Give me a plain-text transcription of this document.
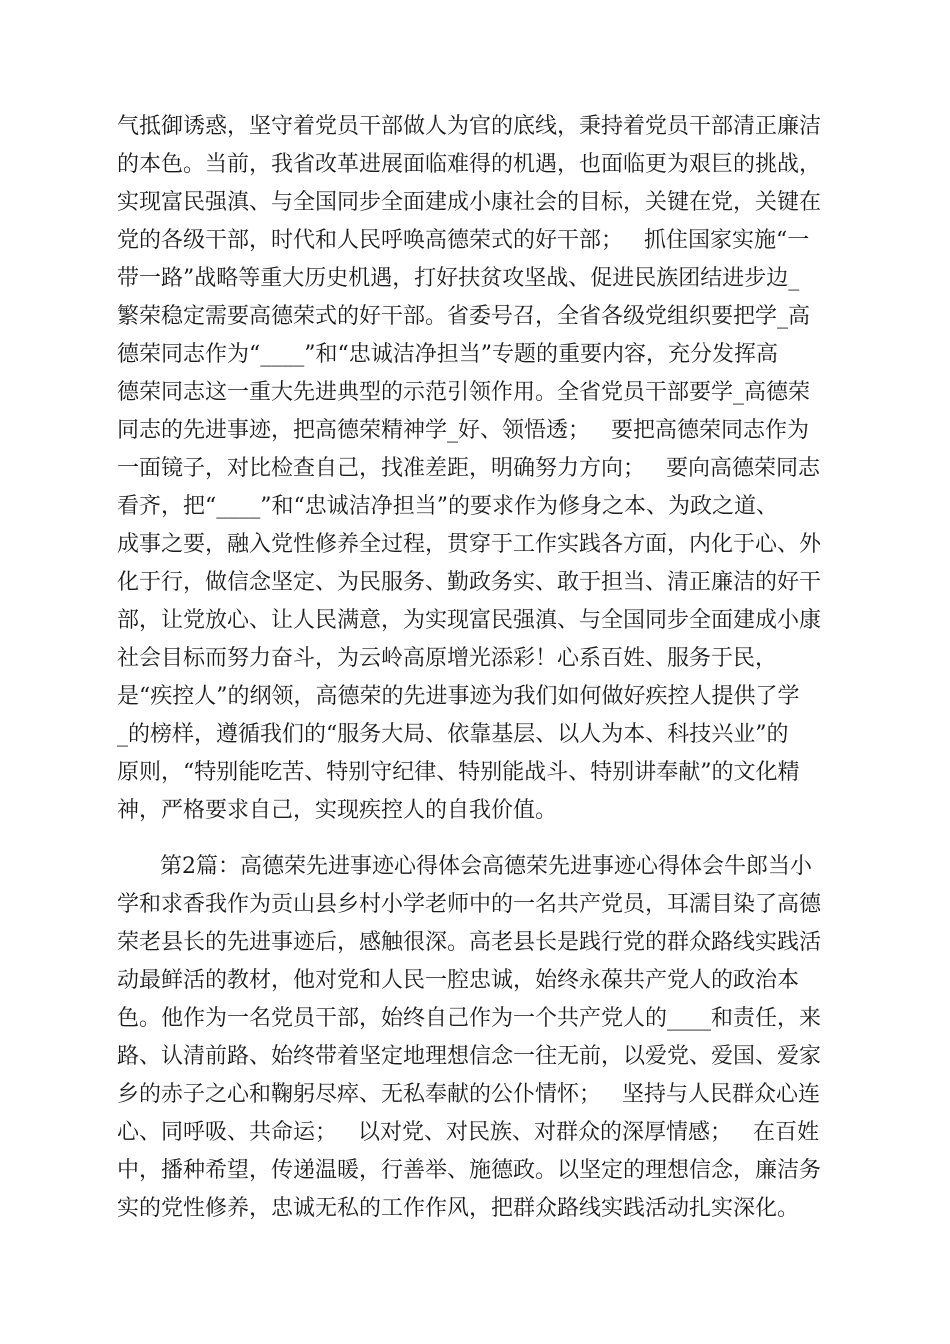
气抵御诱惑，坚守着党员干部做人为官的底线，秉持着党员干部清正廉洁
的本色。当前，我省改革进展面临难得的机遇，也面临更为艰巨的挑战，
实现富民强滇、与全国同步全面建成小康社会的目标，关键在党，关键在
党的各级干部，时代和人民呼唤高德荣式的好干部；   抓住国家实施“一
带一路”战略等重大历史机遇，打好扶贫攻坚战、促进民族团结进步边_
繁荣稳定需要高德荣式的好干部。省委号召，全省各级党组织要把学_高
德荣同志作为“____”和“忠诚洁净担当”专题的重要内容，充分发挥高
德荣同志这一重大先进典型的示范引领作用。全省党员干部要学_高德荣
同志的先进事迹，把高德荣精神学_好、领悟透；   要把高德荣同志作为
一面镜子，对比检查自己，找准差距，明确努力方向；   要向高德荣同志
看齐，把“____”和“忠诚洁净担当”的要求作为修身之本、为政之道、
成事之要，融入党性修养全过程，贯穿于工作实践各方面，内化于心、外
化于行，做信念坚定、为民服务、勤政务实、敢于担当、清正廉洁的好干
部，让党放心、让人民满意，为实现富民强滇、与全国同步全面建成小康
社会目标而努力奋斗，为云岭高原增光添彩！心系百姓、服务于民，
是“疾控人”的纲领，高德荣的先进事迹为我们如何做好疾控人提供了学
_的榜样，遵循我们的“服务大局、依靠基层、以人为本、科技兴业”的
原则，“特别能吃苦、特别守纪律、特别能战斗、特别讲奉献”的文化精
神，严格要求自己，实现疾控人的自我价值。
第2篇：高德荣先进事迹心得体会高德荣先进事迹心得体会牛郎当小
学和求香我作为贡山县乡村小学老师中的一名共产党员，耳濡目染了高德
荣老县长的先进事迹后，感触很深。高老县长是践行党的群众路线实践活
动最鲜活的教材，他对党和人民一腔忠诚，始终永葆共产党人的政治本
色。他作为一名党员干部，始终自己作为一个共产党人的____和责任，来
路、认清前路、始终带着坚定地理想信念一往无前，以爱党、爱国、爱家
乡的赤子之心和鞠躬尽瘁、无私奉献的公仆情怀；   坚持与人民群众心连
心、同呼吸、共命运；   以对党、对民族、对群众的深厚情感；   在百姓
中，播种希望，传递温暖，行善举、施德政。以坚定的理想信念，廉洁务
实的党性修养，忠诚无私的工作作风，把群众路线实践活动扎实深化。
